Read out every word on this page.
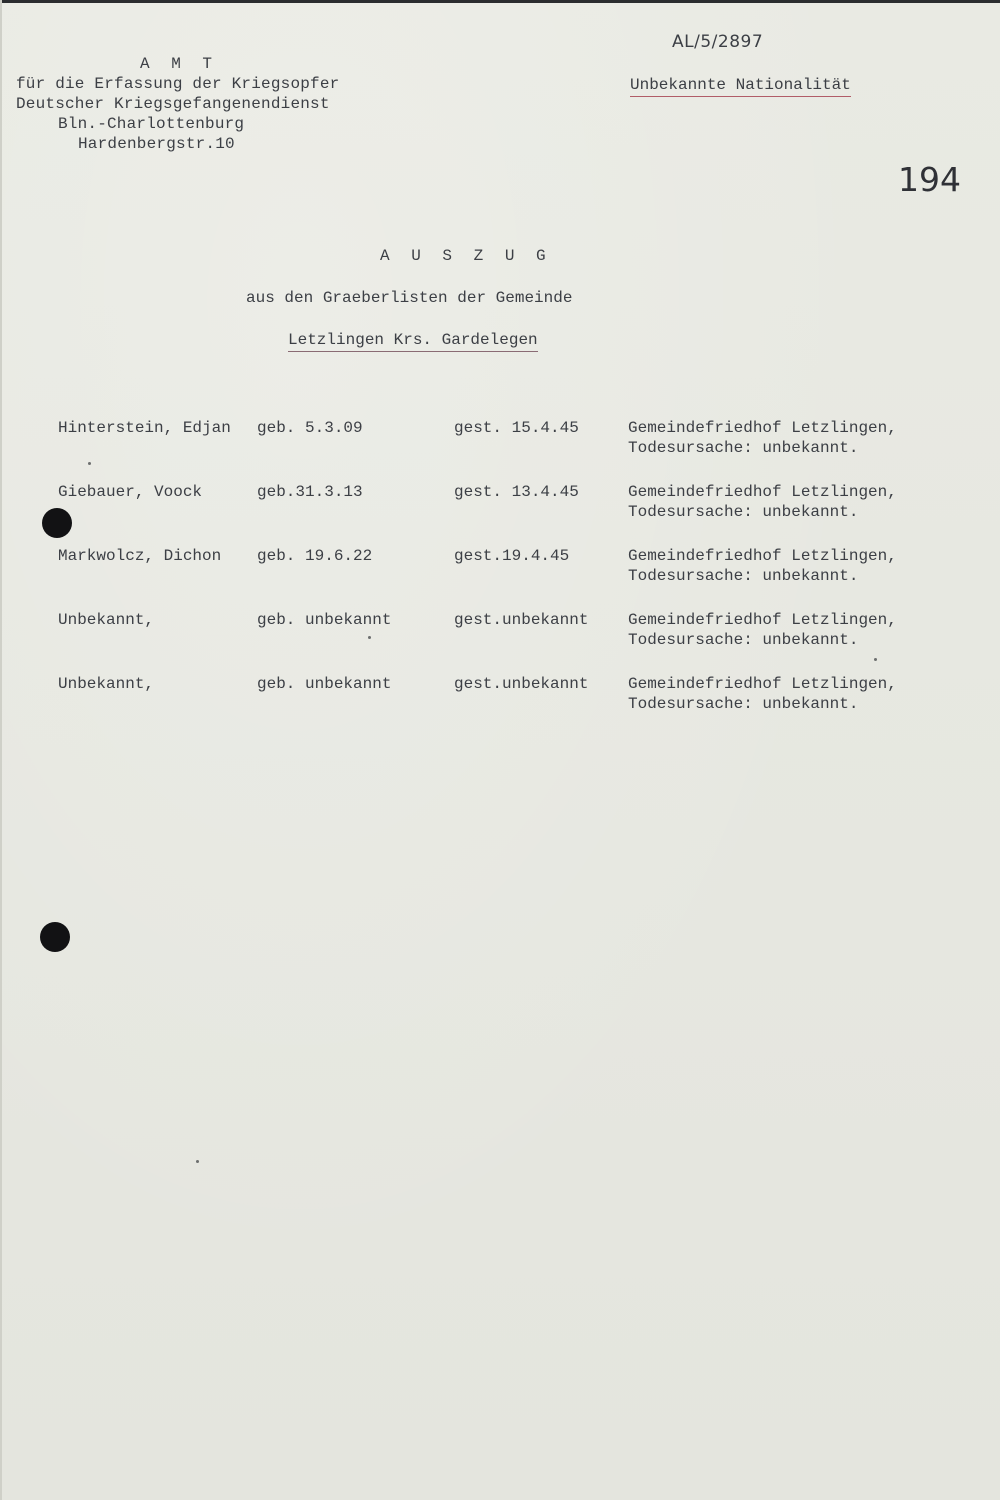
A M T
für die Erfassung der Kriegsopfer
Deutscher Kriegsgefangenendienst
Bln.-Charlottenburg
Hardenbergstr.10
AL/5/2897
Unbekannte Nationalität
194
A U S Z U G
aus den Graeberlisten der Gemeinde
Letzlingen Krs. Gardelegen
Hinterstein, Edjan geb. 5.3.09	gest. 15.4.45	Gemeindefriedhof Letzlingen,
Todesursache: unbekannt.
Giebauer, Voock	geb.31.3.13	gest. 13.4.45	Gemeindefriedhof Letzlingen,
Todesursache: unbekannt.
Markwolcz, Dichon geb. 19.6.22	gest.19.4.45	Gemeindefriedhof Letzlingen,
Todesursache: unbekannt.
Unbekannt,	geb. unbekannt	gest.unbekannt Gemeindefriedhof Letzlingen,
Todesursache: unbekannt.
Unbekannt,	geb. unbekannt	gest.unbekannt Gemeindefriedhof Letzlingen,
Todesursache: unbekannt.
